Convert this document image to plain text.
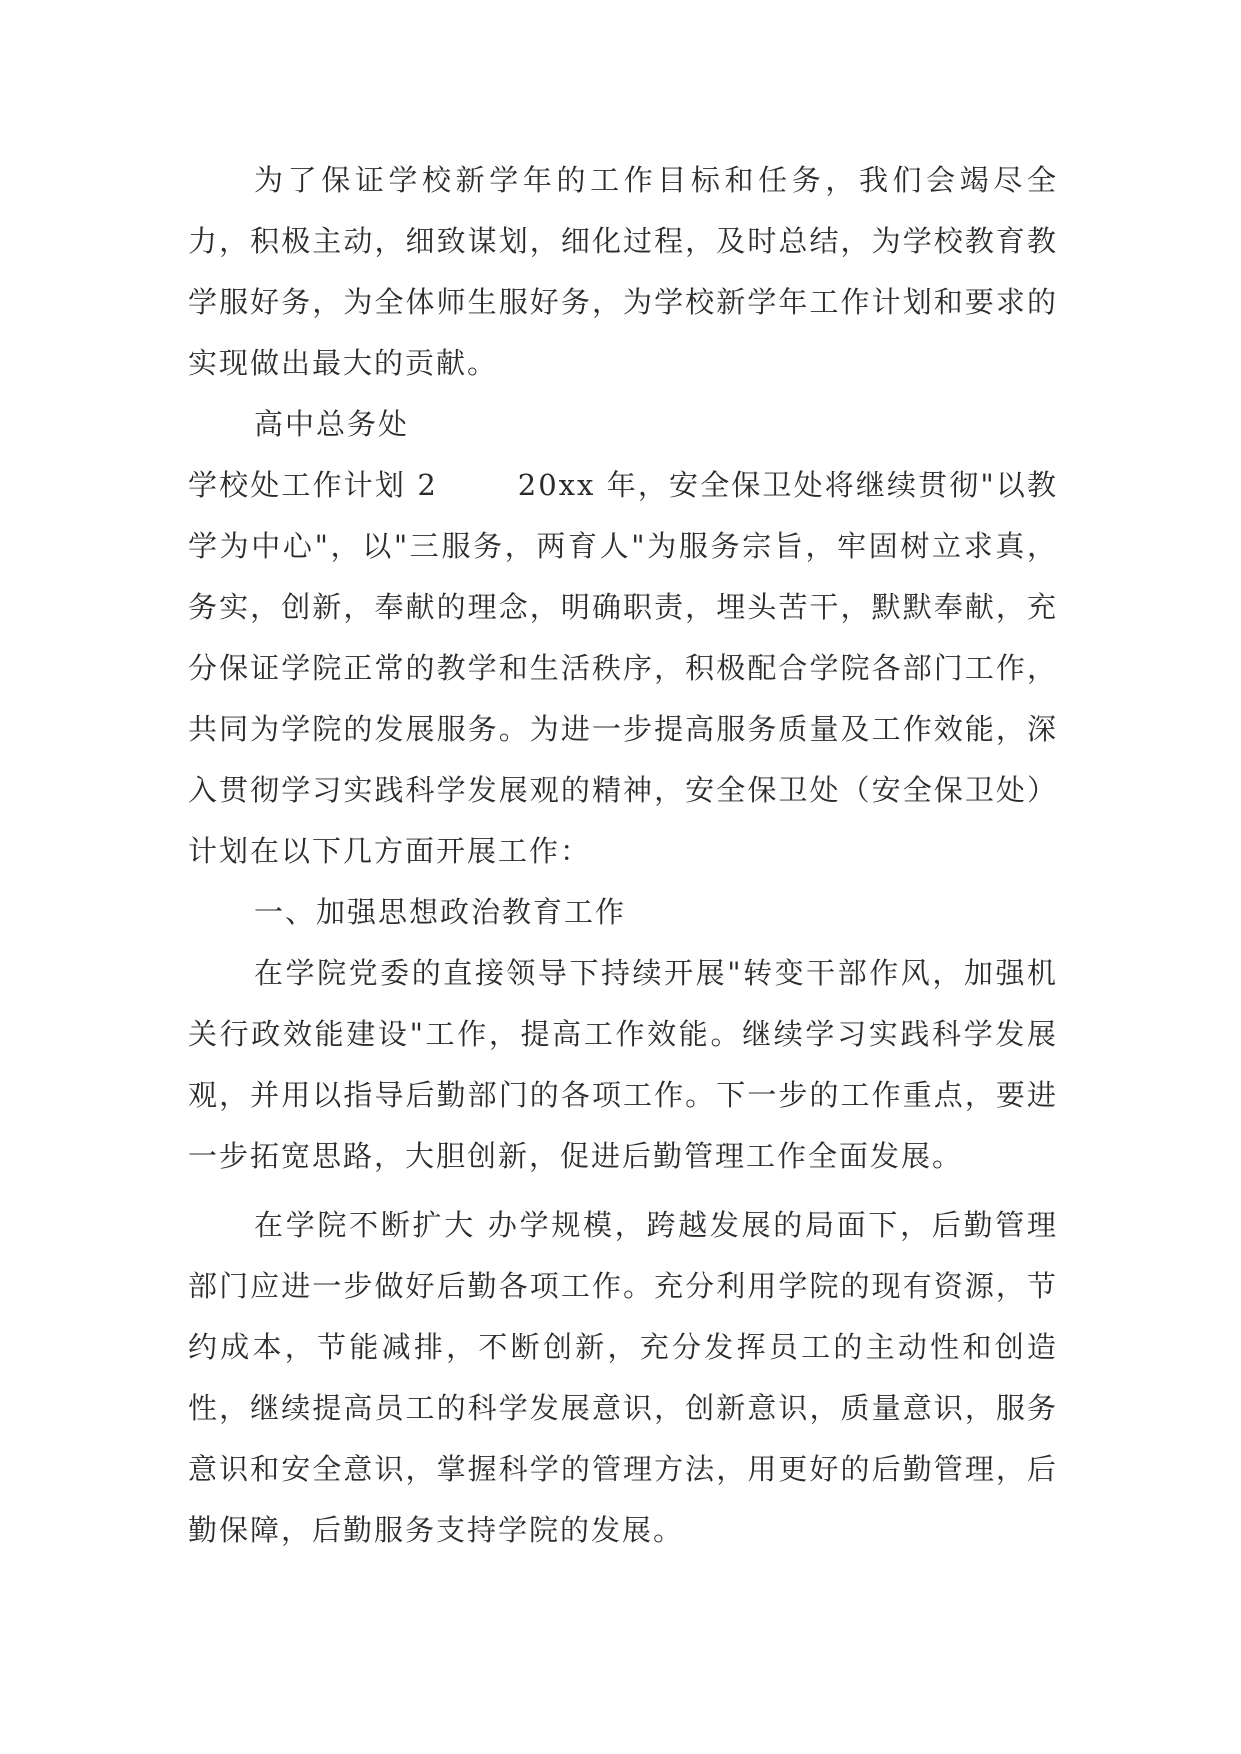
为了保证学校新学年的工作目标和任务，我们会竭尽全力，积极主动，细致谋划，细化过程，及时总结，为学校教育教学服好务，为全体师生服好务，为学校新学年工作计划和要求的实现做出最大的贡献。

高中总务处

学校处工作计划 2	20xx 年，安全保卫处将继续贯彻"以教学为中心"，以"三服务，两育人"为服务宗旨，牢固树立求真，务实，创新，奉献的理念，明确职责，埋头苦干，默默奉献，充分保证学院正常的教学和生活秩序，积极配合学院各部门工作，共同为学院的发展服务。为进一步提高服务质量及工作效能，深入贯彻学习实践科学发展观的精神，安全保卫处（安全保卫处）计划在以下几方面开展工作：

一、加强思想政治教育工作

在学院党委的直接领导下持续开展"转变干部作风，加强机关行政效能建设"工作，提高工作效能。继续学习实践科学发展观，并用以指导后勤部门的各项工作。下一步的工作重点，要进一步拓宽思路，大胆创新，促进后勤管理工作全面发展。

在学院不断扩大 办学规模，跨越发展的局面下，后勤管理部门应进一步做好后勤各项工作。充分利用学院的现有资源，节约成本，节能减排，不断创新，充分发挥员工的主动性和创造性，继续提高员工的科学发展意识，创新意识，质量意识，服务意识和安全意识，掌握科学的管理方法，用更好的后勤管理，后勤保障，后勤服务支持学院的发展。
